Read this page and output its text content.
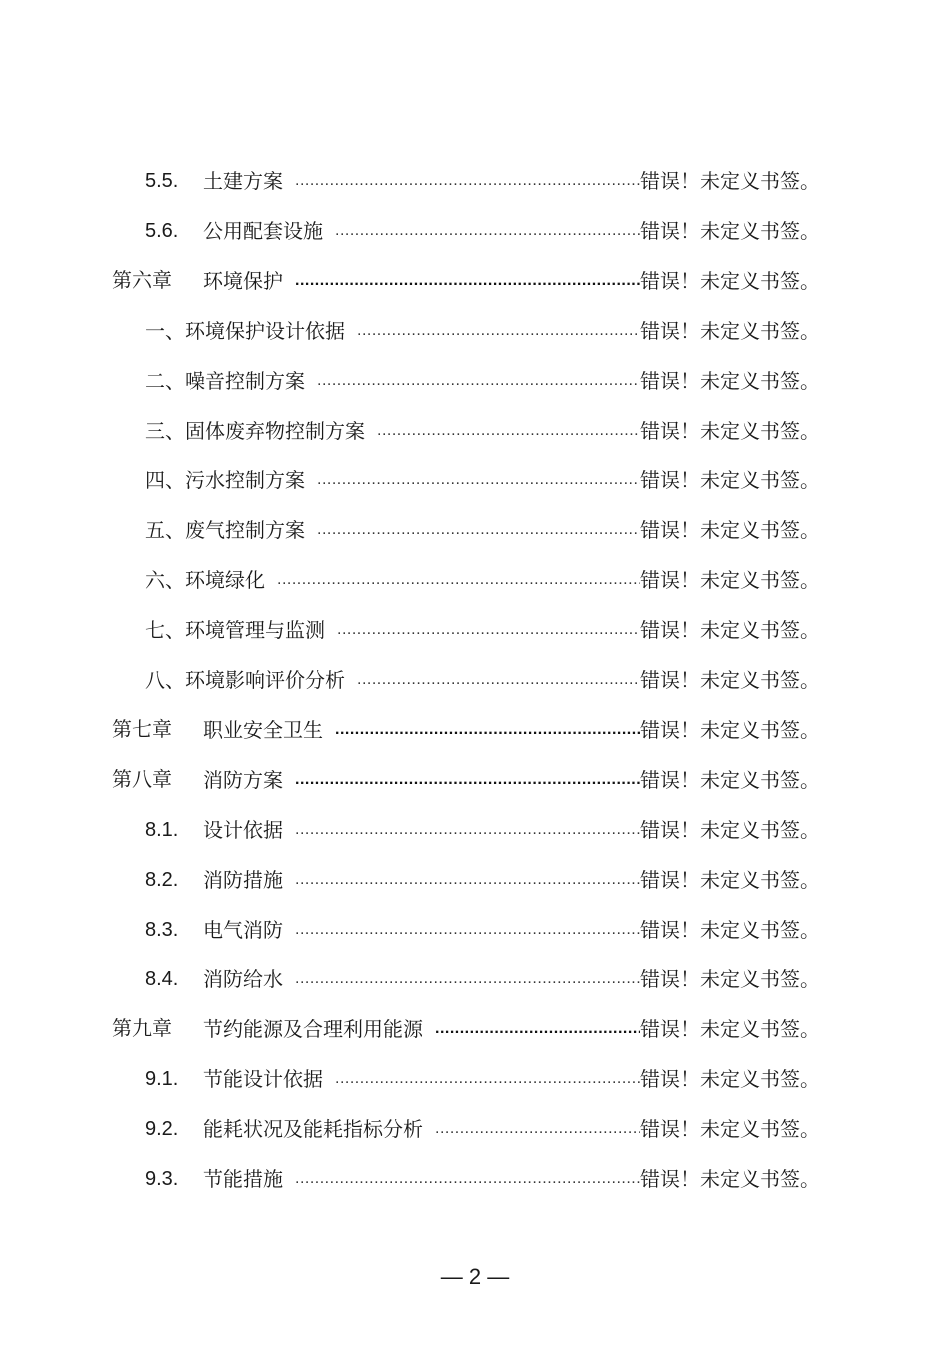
5.5. 土建方案 .....	错误！未定义书签。
5.6. 公用配套设施 .....	错误！未定义书签。
第六章 环境保护 .....	错误！未定义书签。
一、环境保护设计依据 .....	错误！未定义书签。
二、噪音控制方案 .....	错误！未定义书签。
三、固体废弃物控制方案 .....	错误！未定义书签。
四、污水控制方案 .....	错误！未定义书签。
五、废气控制方案 .....	错误！未定义书签。
六、环境绿化 .....	错误！未定义书签。
七、环境管理与监测 .....	错误！未定义书签。
八、环境影响评价分析 .....	错误！未定义书签。
第七章 职业安全卫生 .....	错误！未定义书签。
第八章 消防方案 .....	错误！未定义书签。
8.1. 设计依据 .....	错误！未定义书签。
8.2. 消防措施 .....	错误！未定义书签。
8.3. 电气消防 .....	错误！未定义书签。
8.4. 消防给水 .....	错误！未定义书签。
第九章 节约能源及合理利用能源 .....	错误！未定义书签。
9.1. 节能设计依据 .....	错误！未定义书签。
9.2. 能耗状况及能耗指标分析 .....	错误！未定义书签。
9.3. 节能措施 .....	错误！未定义书签。
— 2 —
